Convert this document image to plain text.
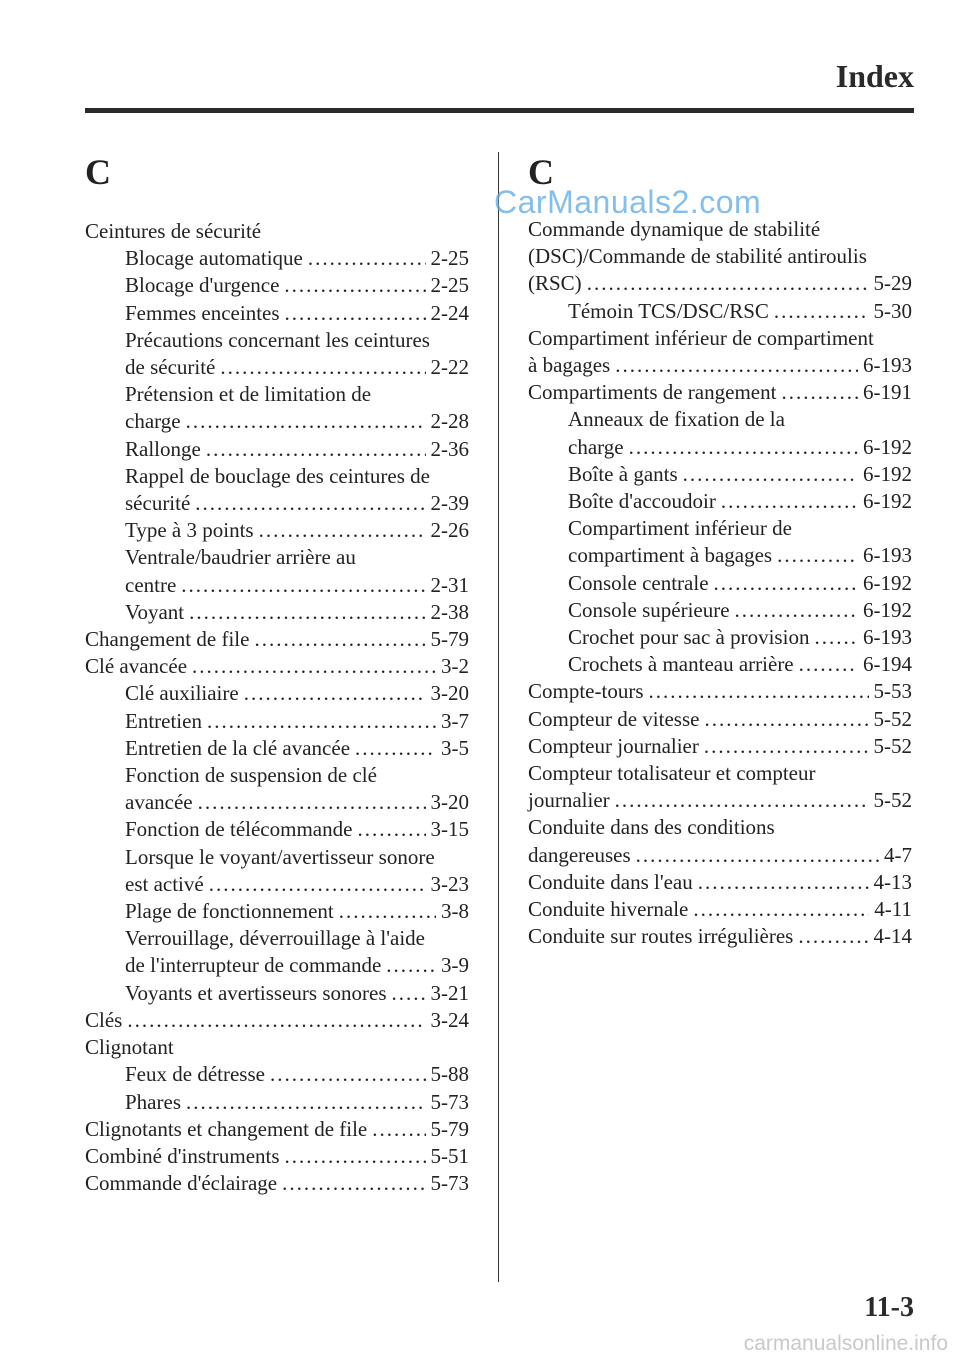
Index
C
Ceintures de sécurité
Blocage automatique .....	2-25
Blocage d'urgence .....	2-25
Femmes enceintes .....	2-24
Précautions concernant les ceintures
de sécurité .....	2-22
Prétension et de limitation de
charge .....	2-28
Rallonge .....	2-36
Rappel de bouclage des ceintures de
sécurité .....	2-39
Type à 3 points .....	2-26
Ventrale/baudrier arrière au
centre .....	2-31
Voyant .....	2-38
Changement de file .....	5-79
Clé avancée .....	3-2
Clé auxiliaire .....	3-20
Entretien .....	3-7
Entretien de la clé avancée .....	3-5
Fonction de suspension de clé
avancée .....	3-20
Fonction de télécommande .....	3-15
Lorsque le voyant/avertisseur sonore
est activé .....	3-23
Plage de fonctionnement .....	3-8
Verrouillage, déverrouillage à l'aide
de l'interrupteur de commande .....	3-9
Voyants et avertisseurs sonores ..... 3-21
Clés .....	3-24
Clignotant
Feux de détresse .....	5-88
Phares .....	5-73
Clignotants et changement de file .....	5-79
Combiné d'instruments .....	5-51
Commande d'éclairage .....	5-73
C
Commande dynamique de stabilité
(DSC)/Commande de stabilité antiroulis
(RSC) .....	5-29
Témoin TCS/DSC/RSC .....	5-30
Compartiment inférieur de compartiment
à bagages .....	6-193
Compartiments de rangement .....	6-191
Anneaux de fixation de la
charge .....	6-192
Boîte à gants .....	6-192
Boîte d'accoudoir .....	6-192
Compartiment inférieur de
compartiment à bagages .....	6-193
Console centrale .....	6-192
Console supérieure .....	6-192
Crochet pour sac à provision .....	6-193
Crochets à manteau arrière .....	6-194
Compte-tours .....	5-53
Compteur de vitesse .....	5-52
Compteur journalier .....	5-52
Compteur totalisateur et compteur
journalier .....	5-52
Conduite dans des conditions
dangereuses .....	4-7
Conduite dans l'eau .....	4-13
Conduite hivernale .....	4-11
Conduite sur routes irrégulières .....	4-14
CarManuals2.com
11-3
carmanualsonline.info
